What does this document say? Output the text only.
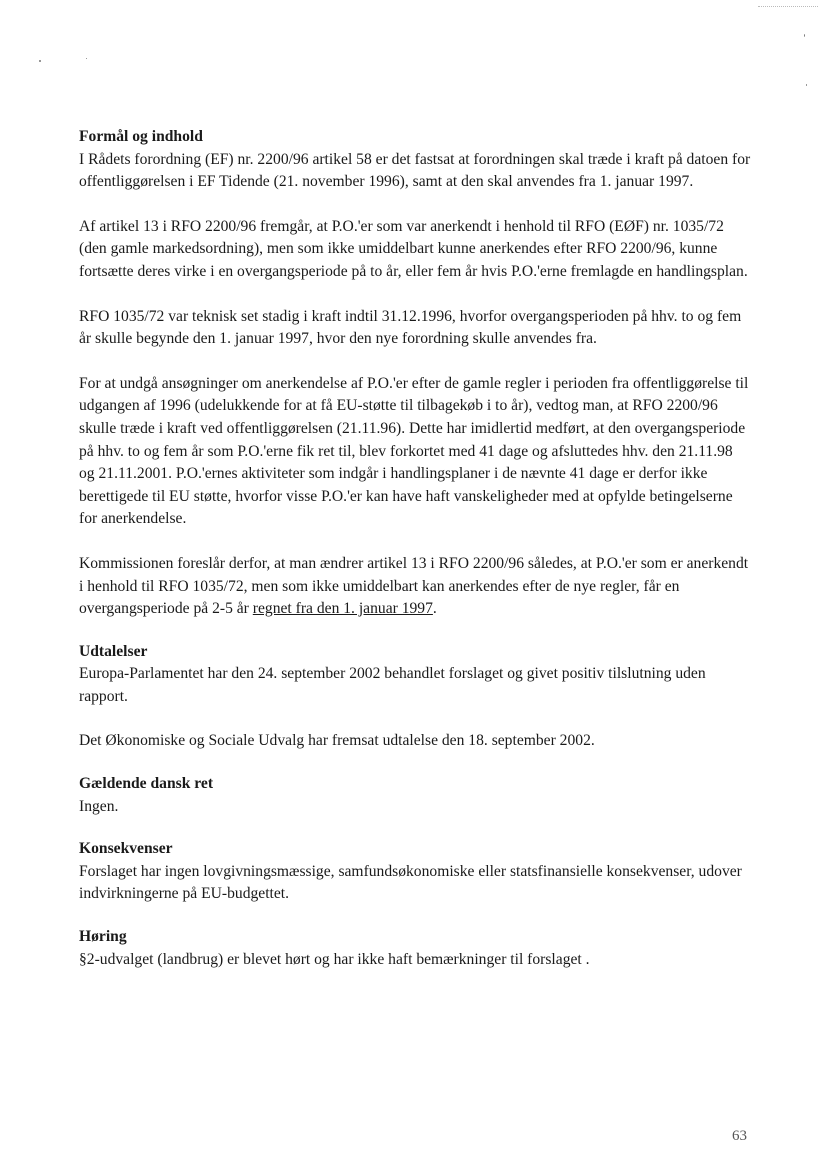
Formål og indhold

I Rådets forordning (EF) nr. 2200/96 artikel 58 er det fastsat at forordningen skal træde i kraft på datoen for offentliggørelsen i EF Tidende (21. november 1996), samt at den skal anvendes fra 1. januar 1997.

Af artikel 13 i RFO 2200/96 fremgår, at P.O.'er som var anerkendt i henhold til RFO (EØF) nr. 1035/72 (den gamle markedsordning), men som ikke umiddelbart kunne anerkendes efter RFO 2200/96, kunne fortsætte deres virke i en overgangsperiode på to år, eller fem år hvis P.O.'erne fremlagde en handlingsplan.

RFO 1035/72 var teknisk set stadig i kraft indtil 31.12.1996, hvorfor overgangsperioden på hhv. to og fem år skulle begynde den 1. januar 1997, hvor den nye forordning skulle anvendes fra.

For at undgå ansøgninger om anerkendelse af P.O.'er efter de gamle regler i perioden fra offentliggørelse til udgangen af 1996 (udelukkende for at få EU-støtte til tilbagekøb i to år), vedtog man, at RFO 2200/96 skulle træde i kraft ved offentliggørelsen (21.11.96). Dette har imidlertid medført, at den overgangsperiode på hhv. to og fem år som P.O.'erne fik ret til, blev forkortet med 41 dage og afsluttedes hhv. den 21.11.98 og 21.11.2001. P.O.'ernes aktiviteter som indgår i handlingsplaner i de nævnte 41 dage er derfor ikke berettigede til EU støtte, hvorfor visse P.O.'er kan have haft vanskeligheder med at opfylde betingelserne for anerkendelse.

Kommissionen foreslår derfor, at man ændrer artikel 13 i RFO 2200/96 således, at P.O.'er som er anerkendt i henhold til RFO 1035/72, men som ikke umiddelbart kan anerkendes efter de nye regler, får en overgangsperiode på 2-5 år regnet fra den 1. januar 1997.

Udtalelser

Europa-Parlamentet har den 24. september 2002 behandlet forslaget og givet positiv tilslutning uden rapport.

Det Økonomiske og Sociale Udvalg har fremsat udtalelse den 18. september 2002.

Gældende dansk ret

Ingen.

Konsekvenser

Forslaget har ingen lovgivningsmæssige, samfundsøkonomiske eller statsfinansielle konsekvenser, udover indvirkningerne på EU-budgettet.

Høring

§2-udvalget (landbrug) er blevet hørt og har ikke haft bemærkninger til forslaget .

63
